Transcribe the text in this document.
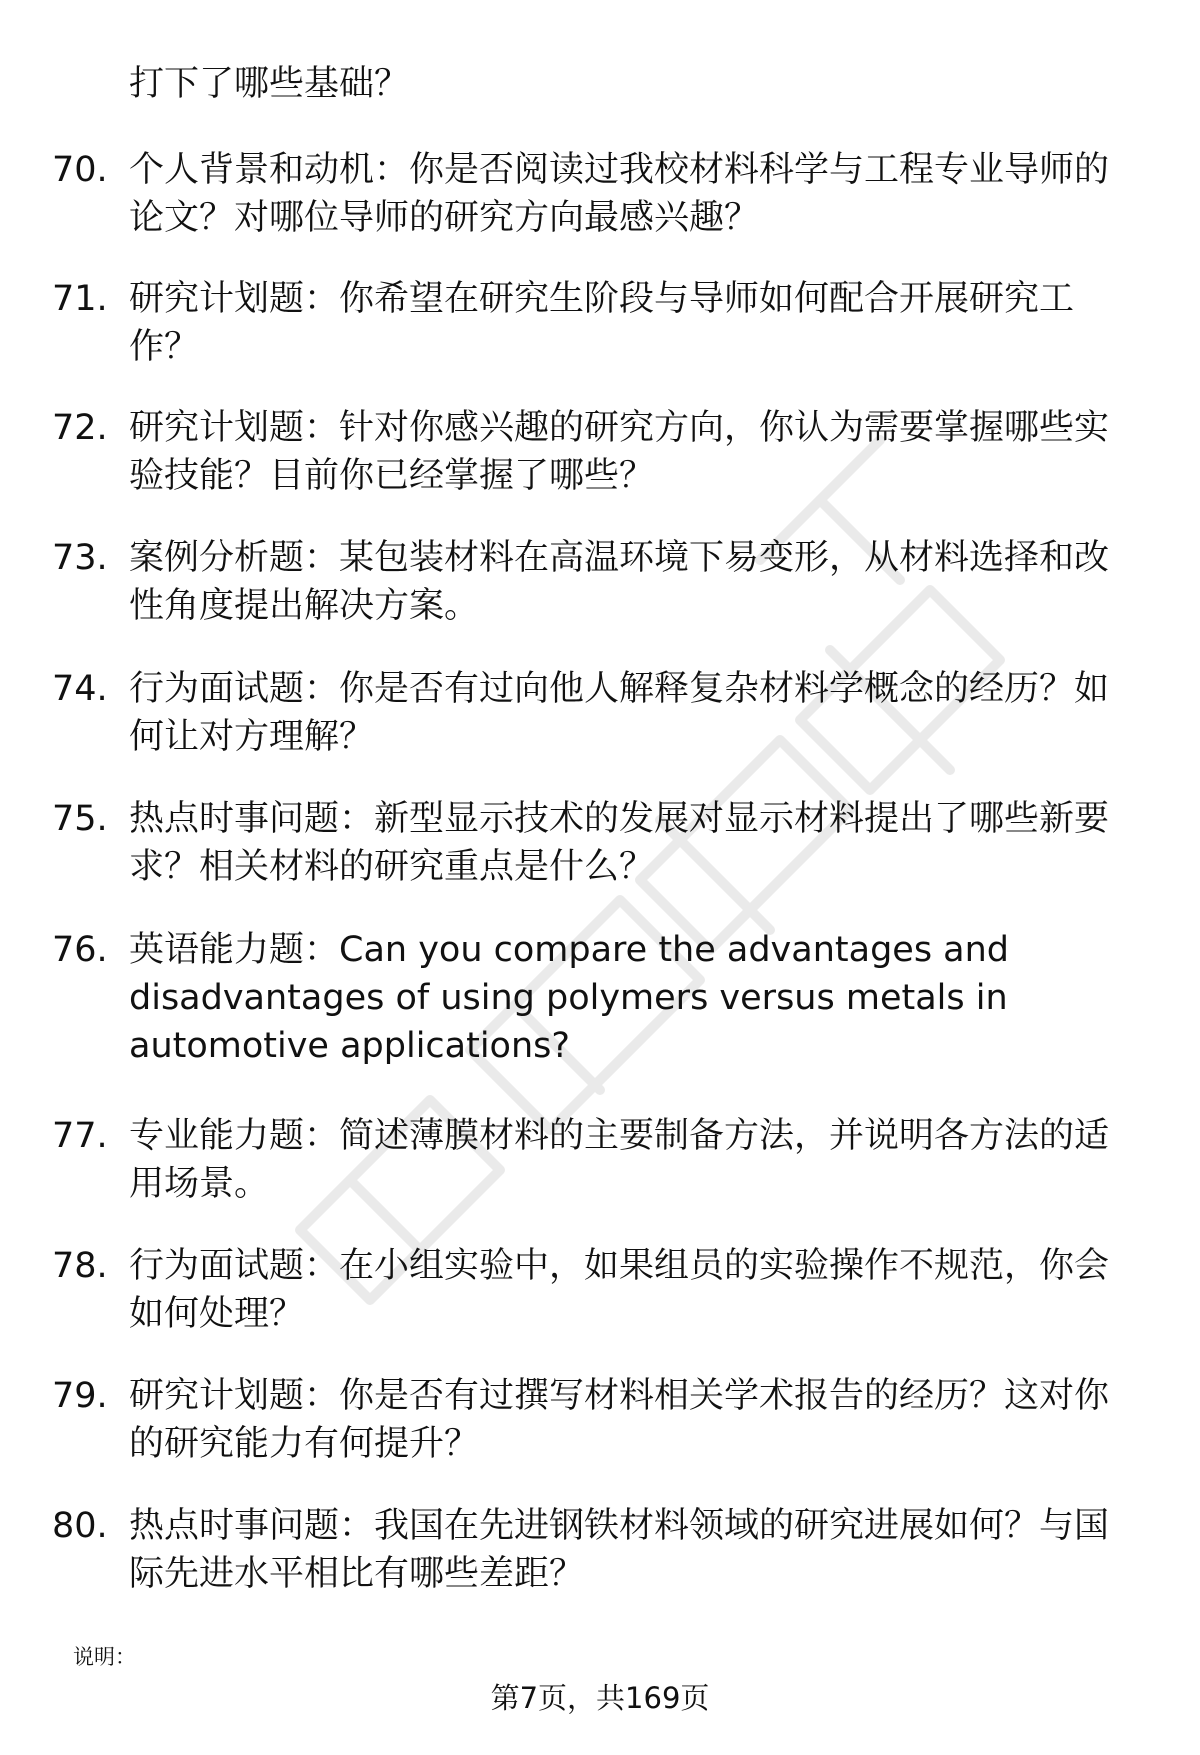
打下了哪些基础？

70. 个人背景和动机：你是否阅读过我校材料科学与工程专业导师的

论文？对哪位导师的研究方向最感兴趣？

71. 研究计划题：你希望在研究生阶段与导师如何配合开展研究工

作？

72. 研究计划题：针对你感兴趣的研究方向，你认为需要掌握哪些实

验技能？目前你已经掌握了哪些？

73. 案例分析题：某包装材料在高温环境下易变形，从材料选择和改

性角度提出解决方案。

74. 行为面试题：你是否有过向他人解释复杂材料学概念的经历？如

何让对方理解？

75. 热点时事问题：新型显示技术的发展对显示材料提出了哪些新要

求？相关材料的研究重点是什么？

76. 英语能力题：Can you compare the advantages and

disadvantages of using polymers versus metals in

automotive applications?

77. 专业能力题：简述薄膜材料的主要制备方法，并说明各方法的适

用场景。

78. 行为面试题：在小组实验中，如果组员的实验操作不规范，你会

如何处理？

79. 研究计划题：你是否有过撰写材料相关学术报告的经历？这对你

的研究能力有何提升？

80. 热点时事问题：我国在先进钢铁材料领域的研究进展如何？与国

际先进水平相比有哪些差距？

说明：
第7页，共169页
